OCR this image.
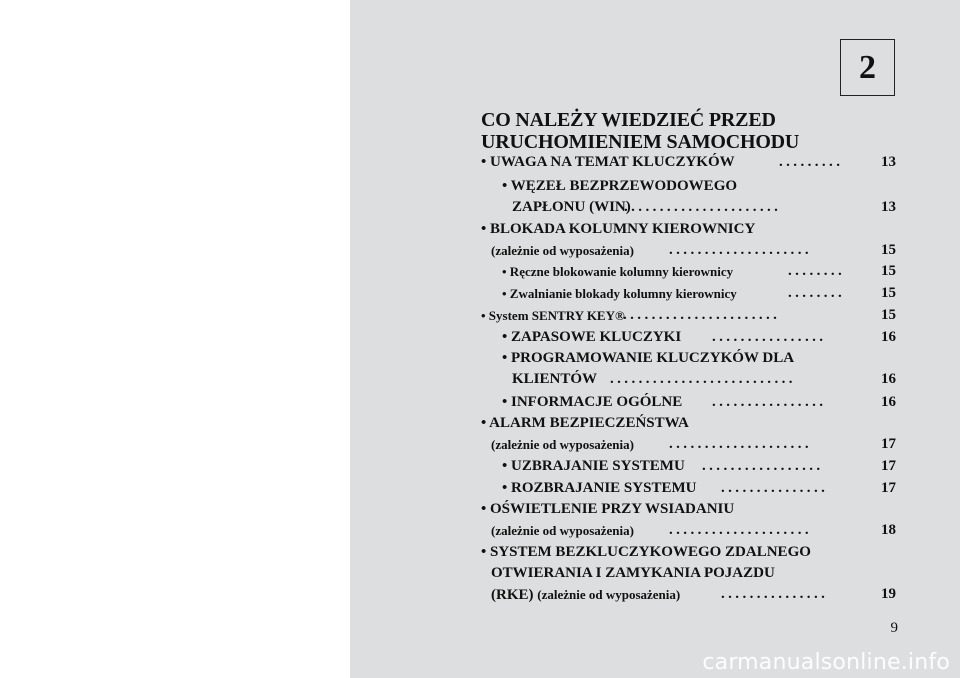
2
CO NALEŻY WIEDZIEĆ PRZED
URUCHOMIENIEM SAMOCHODU
• UWAGA NA TEMAT KLUCZYKÓW	.........	13
• WĘZEŁ BEZPRZEWODOWEGO
ZAPŁONU (WIN)
......................	13
• BLOKADA KOLUMNY KIEROWNICY
(zależnie od wyposażenia) ....................	15
• Ręczne blokowanie kolumny kierownicy	........ 15
• Zwalnianie blokady kolumny kierownicy	........ 15
• System SENTRY KEY®
......................	15
• ZAPASOWE KLUCZYKI ................	16
• PROGRAMOWANIE KLUCZYKÓW DLA
KLIENTÓW ..........................	16
• INFORMACJE OGÓLNE ................	16
• ALARM BEZPIECZEŃSTWA
(zależnie od wyposażenia) ....................	17
• UZBRAJANIE SYSTEMU .................	17
• ROZBRAJANIE SYSTEMU ...............	17
• OŚWIETLENIE PRZY WSIADANIU
(zależnie od wyposażenia) ....................	18
• SYSTEM BEZKLUCZYKOWEGO ZDALNEGO
OTWIERANIA I ZAMYKANIA POJAZDU
(RKE) (zależnie od wyposażenia)	...............	19
9
carmanualsonline.info
